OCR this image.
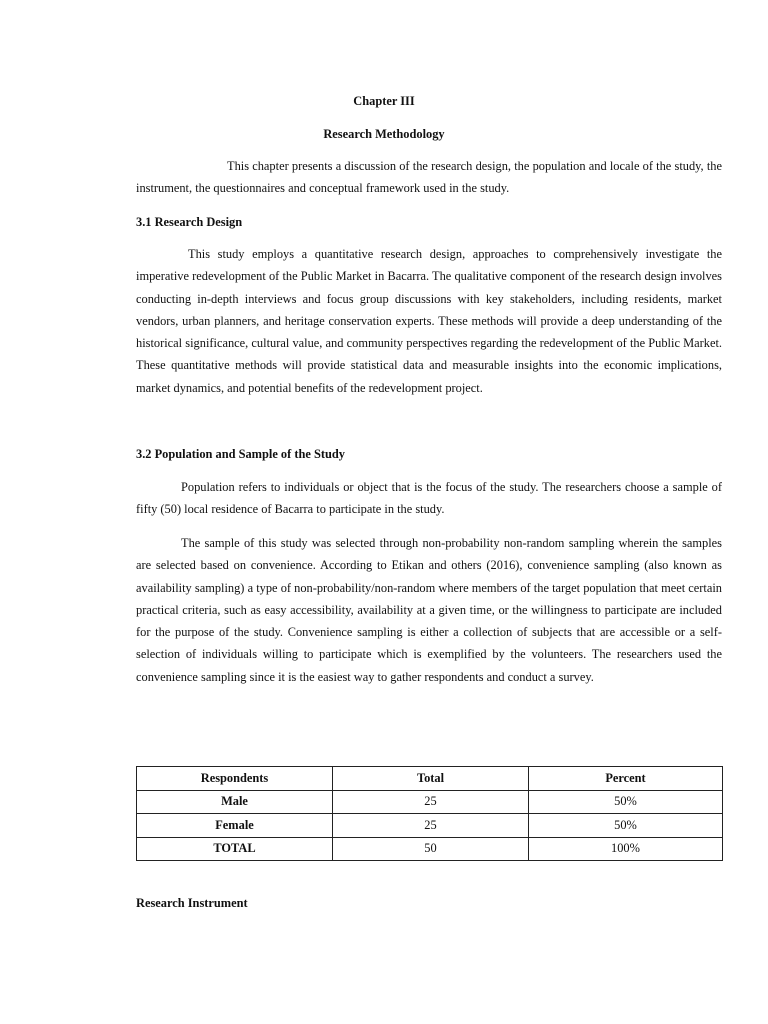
Chapter III
Research Methodology

This chapter presents a discussion of the research design, the population and locale of the study, the instrument, the questionnaires and conceptual framework used in the study.

3.1 Research Design

This study employs a quantitative research design, approaches to comprehensively investigate the imperative redevelopment of the Public Market in Bacarra. The qualitative component of the research design involves conducting in-depth interviews and focus group discussions with key stakeholders, including residents, market vendors, urban planners, and heritage conservation experts. These methods will provide a deep understanding of the historical significance, cultural value, and community perspectives regarding the redevelopment of the Public Market. These quantitative methods will provide statistical data and measurable insights into the economic implications, market dynamics, and potential benefits of the redevelopment project.

3.2 Population and Sample of the Study

Population refers to individuals or object that is the focus of the study. The researchers choose a sample of fifty (50) local residence of Bacarra to participate in the study.

The sample of this study was selected through non-probability non-random sampling wherein the samples are selected based on convenience. According to Etikan and others (2016), convenience sampling (also known as availability sampling) a type of non-probability/non-random where members of the target population that meet certain practical criteria, such as easy accessibility, availability at a given time, or the willingness to participate are included for the purpose of the study. Convenience sampling is either a collection of subjects that are accessible or a self-selection of individuals willing to participate which is exemplified by the volunteers. The researchers used the convenience sampling since it is the easiest way to gather respondents and conduct a survey.

Respondents	Total	Percent
Male	25	50%
Female	25	50%
TOTAL	50	100%
Research Instrument
